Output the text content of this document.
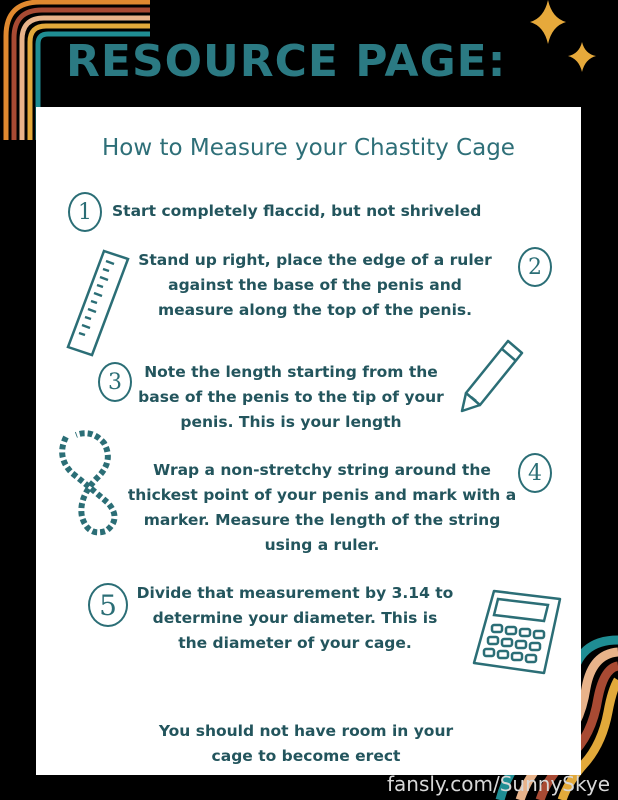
RESOURCE PAGE:
How to Measure your Chastity Cage
1	Start completely flaccid, but not shriveled
Stand up right, place the edge of a ruler against the base of the penis and measure along the top of the penis.
2
3	Note the length starting from the base of the penis to the tip of your penis. This is your length
Wrap a non-stretchy string around the thickest point of your penis and mark with a marker. Measure the length of the string using a ruler.
4
5	Divide that measurement by 3.14 to determine your diameter. This is the diameter of your cage.
You should not have room in your cage to become erect
fansly.com/SunnySkye
